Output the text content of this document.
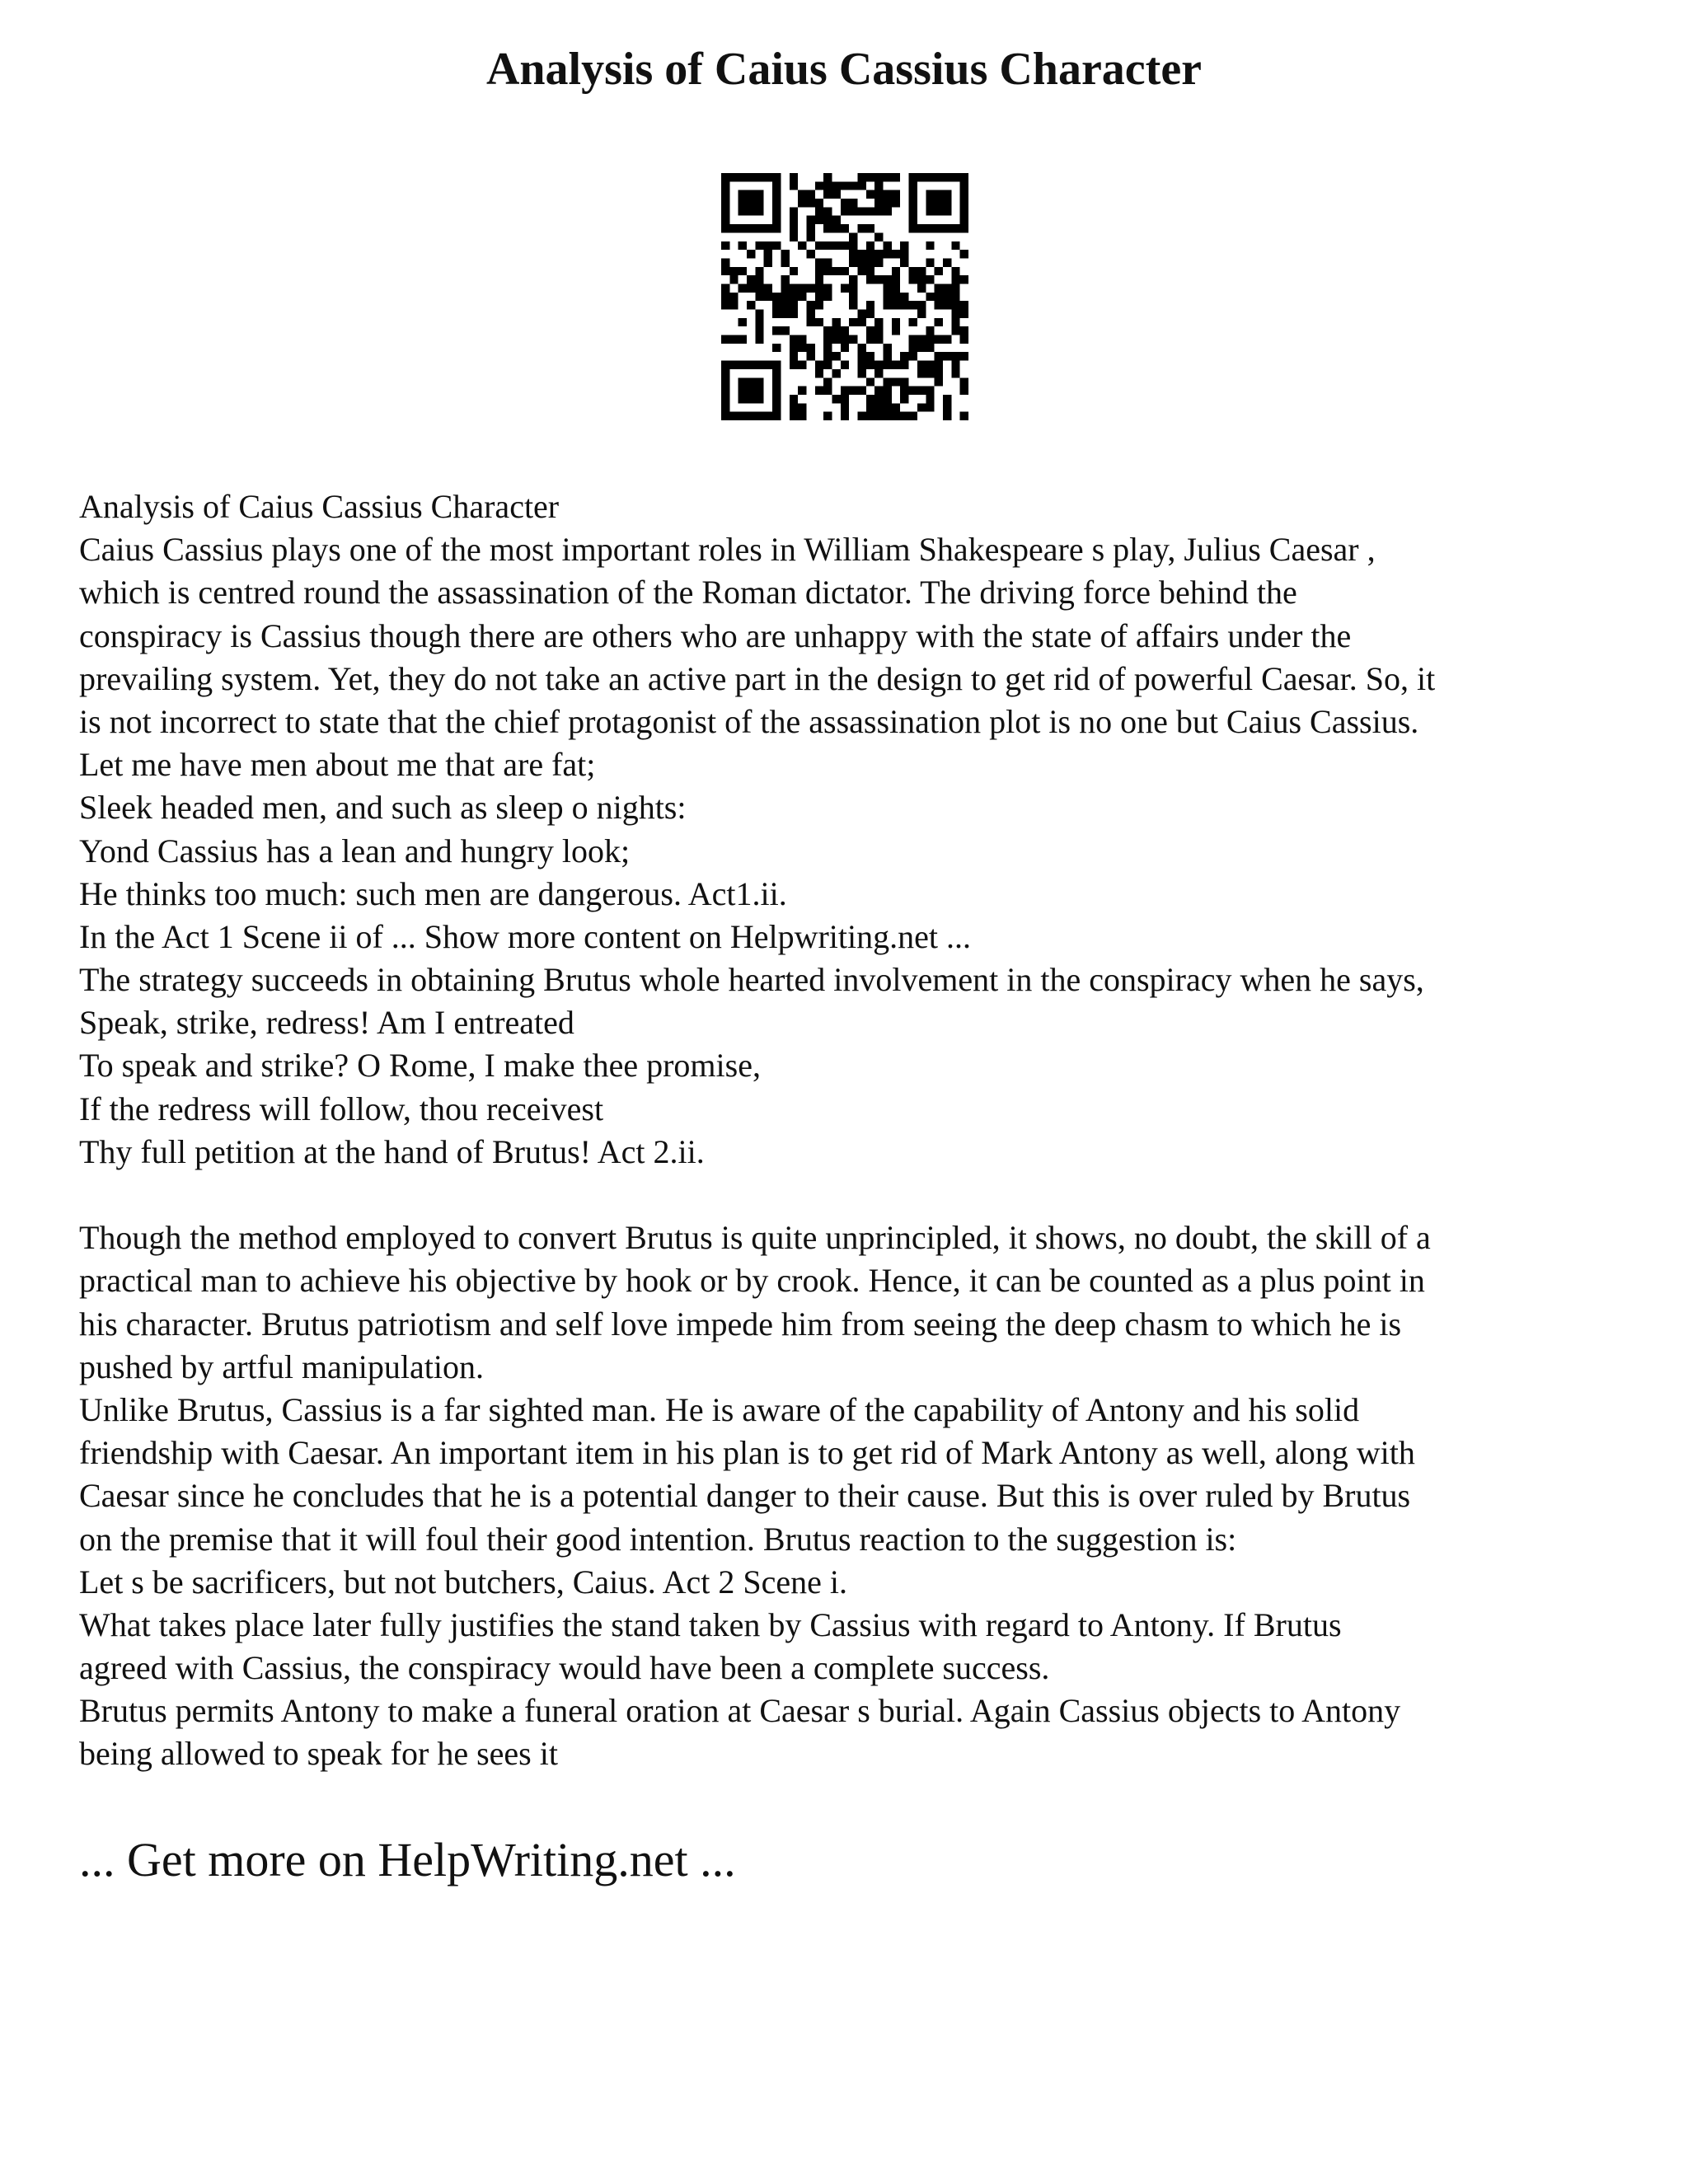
Analysis of Caius Cassius Character
Analysis of Caius Cassius Character
Caius Cassius plays one of the most important roles in William Shakespeare s play, Julius Caesar ,
which is centred round the assassination of the Roman dictator. The driving force behind the
conspiracy is Cassius though there are others who are unhappy with the state of affairs under the
prevailing system. Yet, they do not take an active part in the design to get rid of powerful Caesar. So, it
is not incorrect to state that the chief protagonist of the assassination plot is no one but Caius Cassius.
Let me have men about me that are fat;
Sleek headed men, and such as sleep o nights:
Yond Cassius has a lean and hungry look;
He thinks too much: such men are dangerous. Act1.ii.
In the Act 1 Scene ii of ... Show more content on Helpwriting.net ...
The strategy succeeds in obtaining Brutus whole hearted involvement in the conspiracy when he says,
Speak, strike, redress! Am I entreated
To speak and strike? O Rome, I make thee promise,
If the redress will follow, thou receivest
Thy full petition at the hand of Brutus! Act 2.ii.
Though the method employed to convert Brutus is quite unprincipled, it shows, no doubt, the skill of a
practical man to achieve his objective by hook or by crook. Hence, it can be counted as a plus point in
his character. Brutus patriotism and self love impede him from seeing the deep chasm to which he is
pushed by artful manipulation.
Unlike Brutus, Cassius is a far sighted man. He is aware of the capability of Antony and his solid
friendship with Caesar. An important item in his plan is to get rid of Mark Antony as well, along with
Caesar since he concludes that he is a potential danger to their cause. But this is over ruled by Brutus
on the premise that it will foul their good intention. Brutus reaction to the suggestion is:
Let s be sacrificers, but not butchers, Caius. Act 2 Scene i.
What takes place later fully justifies the stand taken by Cassius with regard to Antony. If Brutus
agreed with Cassius, the conspiracy would have been a complete success.
Brutus permits Antony to make a funeral oration at Caesar s burial. Again Cassius objects to Antony
being allowed to speak for he sees it
... Get more on HelpWriting.net ...
